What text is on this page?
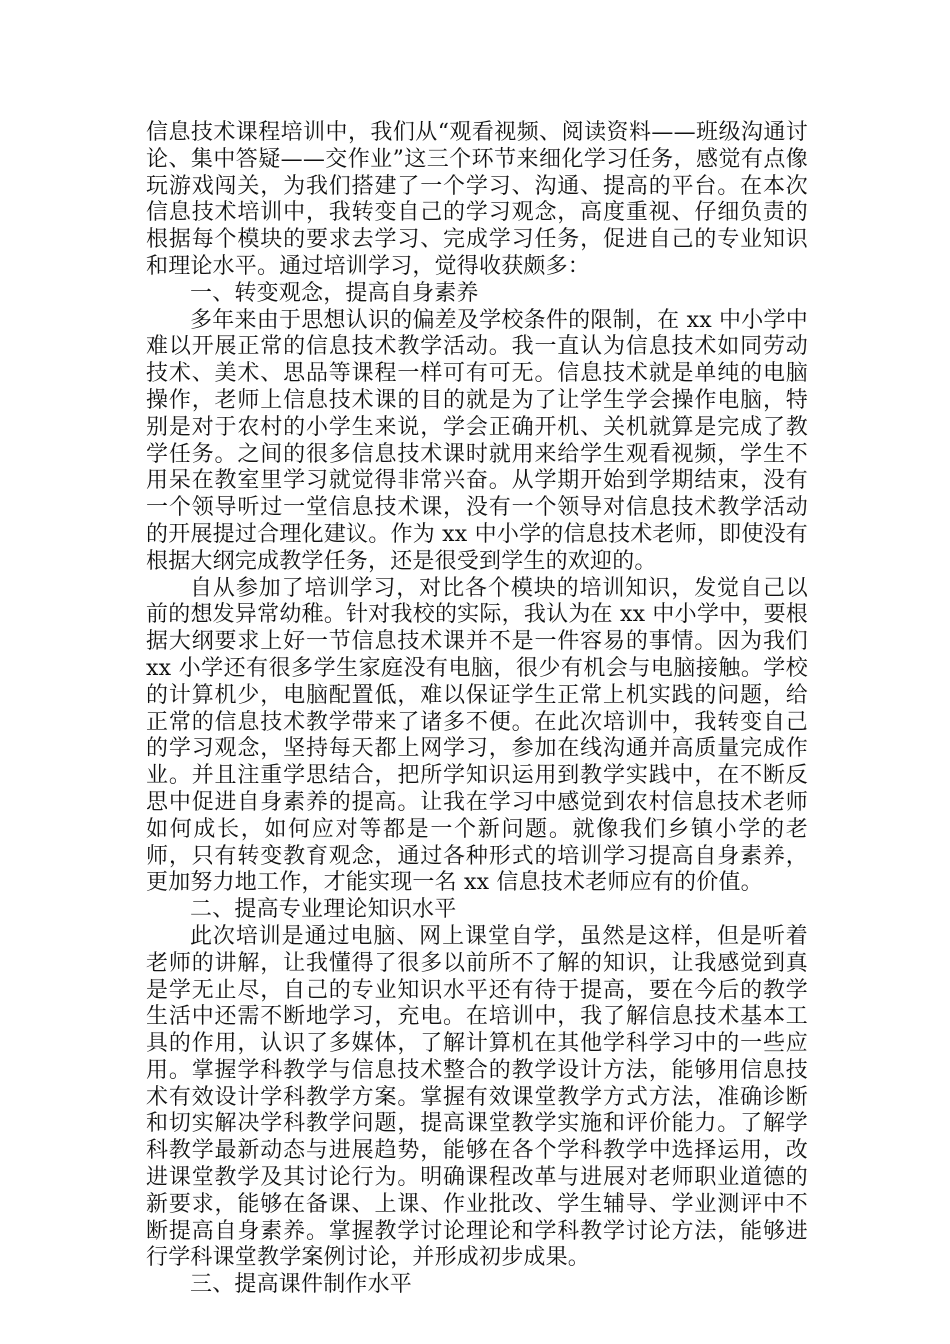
信息技术课程培训中，我们从“观看视频、阅读资料——班级沟通讨论、集中答疑——交作业”这三个环节来细化学习任务，感觉有点像玩游戏闯关，为我们搭建了一个学习、沟通、提高的平台。在本次信息技术培训中，我转变自己的学习观念，高度重视、仔细负责的根据每个模块的要求去学习、完成学习任务，促进自己的专业知识和理论水平。通过培训学习，觉得收获颇多：

一、转变观念，提高自身素养

多年来由于思想认识的偏差及学校条件的限制，在 xx 中小学中难以开展正常的信息技术教学活动。我一直认为信息技术如同劳动技术、美术、思品等课程一样可有可无。信息技术就是单纯的电脑操作，老师上信息技术课的目的就是为了让学生学会操作电脑，特别是对于农村的小学生来说，学会正确开机、关机就算是完成了教学任务。之间的很多信息技术课时就用来给学生观看视频，学生不用呆在教室里学习就觉得非常兴奋。从学期开始到学期结束，没有一个领导听过一堂信息技术课，没有一个领导对信息技术教学活动的开展提过合理化建议。作为 xx 中小学的信息技术老师，即使没有根据大纲完成教学任务，还是很受到学生的欢迎的。

自从参加了培训学习，对比各个模块的培训知识，发觉自己以前的想发异常幼稚。针对我校的实际，我认为在 xx 中小学中，要根据大纲要求上好一节信息技术课并不是一件容易的事情。因为我们 xx 小学还有很多学生家庭没有电脑，很少有机会与电脑接触。学校的计算机少，电脑配置低，难以保证学生正常上机实践的问题，给正常的信息技术教学带来了诸多不便。在此次培训中，我转变自己的学习观念，坚持每天都上网学习，参加在线沟通并高质量完成作业。并且注重学思结合，把所学知识运用到教学实践中，在不断反思中促进自身素养的提高。让我在学习中感觉到农村信息技术老师如何成长，如何应对等都是一个新问题。就像我们乡镇小学的老师，只有转变教育观念，通过各种形式的培训学习提高自身素养，更加努力地工作，才能实现一名 xx 信息技术老师应有的价值。

二、提高专业理论知识水平

此次培训是通过电脑、网上课堂自学，虽然是这样，但是听着老师的讲解，让我懂得了很多以前所不了解的知识，让我感觉到真是学无止尽，自己的专业知识水平还有待于提高，要在今后的教学生活中还需不断地学习，充电。在培训中，我了解信息技术基本工具的作用，认识了多媒体，了解计算机在其他学科学习中的一些应用。掌握学科教学与信息技术整合的教学设计方法，能够用信息技术有效设计学科教学方案。掌握有效课堂教学方式方法，准确诊断和切实解决学科教学问题，提高课堂教学实施和评价能力。了解学科教学最新动态与进展趋势，能够在各个学科教学中选择运用，改进课堂教学及其讨论行为。明确课程改革与进展对老师职业道德的新要求，能够在备课、上课、作业批改、学生辅导、学业测评中不断提高自身素养。掌握教学讨论理论和学科教学讨论方法，能够进行学科课堂教学案例讨论，并形成初步成果。

三、提高课件制作水平
